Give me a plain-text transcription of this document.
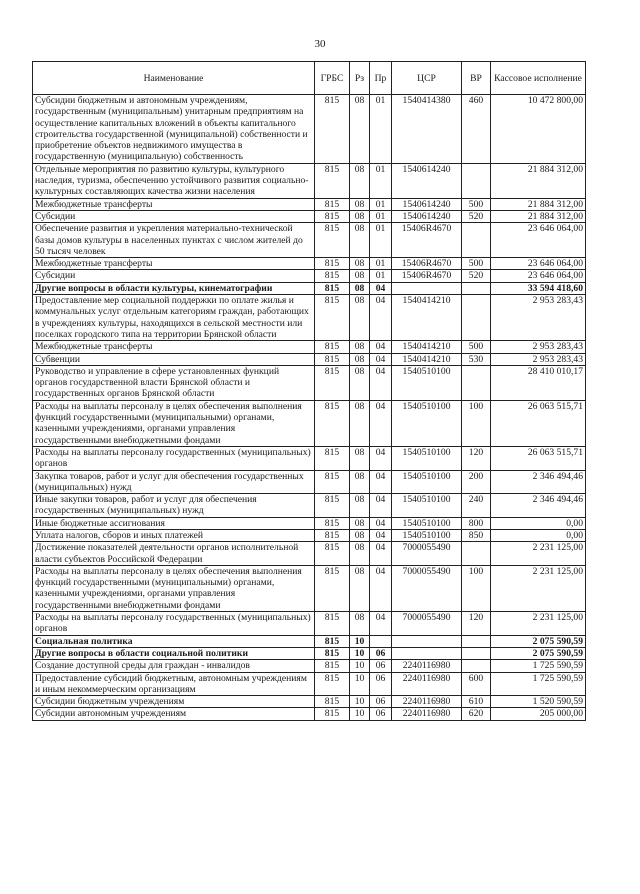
30
Наименование	ГРБС	Рз	Пр	ЦСР	ВР	Кассовое исполнение
Субсидии бюджетным и автономным учреждениям, государственным (муниципальным) унитарным предприятиям на осуществление капитальных вложений в объекты капитального строительства государственной (муниципальной) собственности и приобретение объектов недвижимого имущества в государственную (муниципальную) собственность	815	08	01	1540414380	460	10 472 800,00
Отдельные мероприятия по развитию культуры, культурного наследия, туризма, обеспечению устойчивого развития социально-культурных составляющих качества жизни населения	815	08	01	1540614240		21 884 312,00
Межбюджетные трансферты	815	08	01	1540614240	500	21 884 312,00
Субсидии	815	08	01	1540614240	520	21 884 312,00
Обеспечение развития и укрепления материально-технической базы домов культуры в населенных пунктах с числом жителей до 50 тысяч человек	815	08	01	15406R4670		23 646 064,00
Межбюджетные трансферты	815	08	01	15406R4670	500	23 646 064,00
Субсидии	815	08	01	15406R4670	520	23 646 064,00
Другие вопросы в области культуры, кинематографии	815	08	04			33 594 418,60
Предоставление мер социальной поддержки по оплате жилья и коммунальных услуг отдельным категориям граждан, работающих в учреждениях культуры, находящихся в сельской местности или поселках городского типа на территории Брянской области	815	08	04	1540414210		2 953 283,43
Межбюджетные трансферты	815	08	04	1540414210	500	2 953 283,43
Субвенции	815	08	04	1540414210	530	2 953 283,43
Руководство и управление в сфере установленных функций органов государственной власти Брянской области и государственных органов Брянской области	815	08	04	1540510100		28 410 010,17
Расходы на выплаты персоналу в целях обеспечения выполнения функций государственными (муниципальными) органами, казенными учреждениями, органами управления государственными внебюджетными фондами	815	08	04	1540510100	100	26 063 515,71
Расходы на выплаты персоналу государственных (муниципальных) органов	815	08	04	1540510100	120	26 063 515,71
Закупка товаров, работ и услуг для обеспечения государственных (муниципальных) нужд	815	08	04	1540510100	200	2 346 494,46
Иные закупки товаров, работ и услуг для обеспечения государственных (муниципальных) нужд	815	08	04	1540510100	240	2 346 494,46
Иные бюджетные ассигнования	815	08	04	1540510100	800	0,00
Уплата налогов, сборов и иных платежей	815	08	04	1540510100	850	0,00
Достижение показателей деятельности органов исполнительной власти субъектов Российской Федерации	815	08	04	7000055490		2 231 125,00
Расходы на выплаты персоналу в целях обеспечения выполнения функций государственными (муниципальными) органами, казенными учреждениями, органами управления государственными внебюджетными фондами	815	08	04	7000055490	100	2 231 125,00
Расходы на выплаты персоналу государственных (муниципальных) органов	815	08	04	7000055490	120	2 231 125,00
Социальная политика	815	10				2 075 590,59
Другие вопросы в области социальной политики	815	10	06			2 075 590,59
Создание доступной среды для граждан - инвалидов	815	10	06	2240116980		1 725 590,59
Предоставление субсидий бюджетным, автономным учреждениям и иным некоммерческим организациям	815	10	06	2240116980	600	1 725 590,59
Субсидии бюджетным учреждениям	815	10	06	2240116980	610	1 520 590,59
Субсидии автономным учреждениям	815	10	06	2240116980	620	205 000,00
